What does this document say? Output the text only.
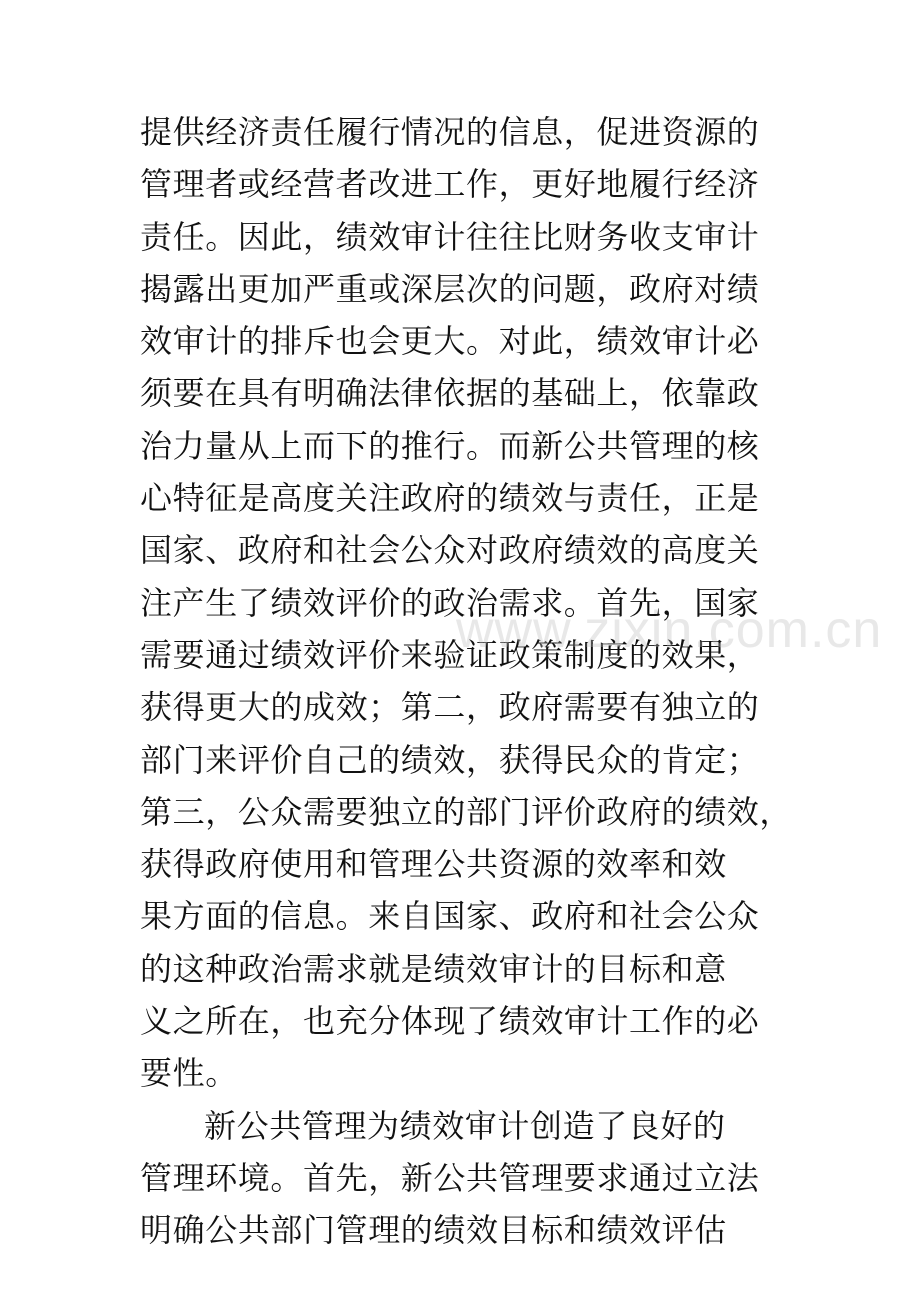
提供经济责任履行情况的信息，促进资源的
管理者或经营者改进工作，更好地履行经济
责任。因此，绩效审计往往比财务收支审计
揭露出更加严重或深层次的问题，政府对绩
效审计的排斥也会更大。对此，绩效审计必
须要在具有明确法律依据的基础上，依靠政
治力量从上而下的推行。而新公共管理的核
心特征是高度关注政府的绩效与责任，正是
国家、政府和社会公众对政府绩效的高度关
注产生了绩效评价的政治需求。首先，国家
需要通过绩效评价来验证政策制度的效果，
获得更大的成效；第二，政府需要有独立的
部门来评价自己的绩效，获得民众的肯定；
第三，公众需要独立的部门评价政府的绩效，
获得政府使用和管理公共资源的效率和效
果方面的信息。来自国家、政府和社会公众
的这种政治需求就是绩效审计的目标和意
义之所在，也充分体现了绩效审计工作的必
要性。
新公共管理为绩效审计创造了良好的
管理环境。首先，新公共管理要求通过立法
明确公共部门管理的绩效目标和绩效评估
www.zixin.com.cn
